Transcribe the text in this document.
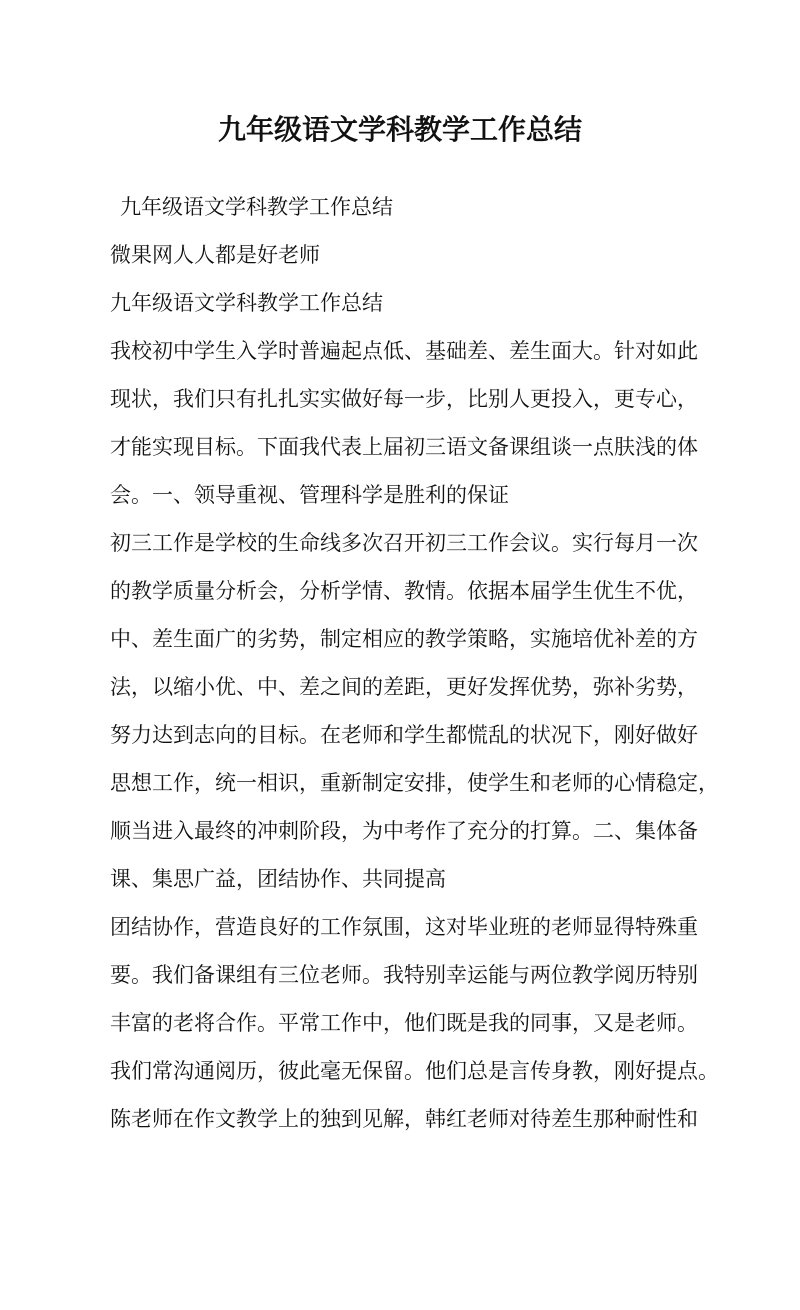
九年级语文学科教学工作总结
九年级语文学科教学工作总结
微果网人人都是好老师
九年级语文学科教学工作总结
我校初中学生入学时普遍起点低、基础差、差生面大。针对如此
现状，我们只有扎扎实实做好每一步，比别人更投入，更专心，
才能实现目标。下面我代表上届初三语文备课组谈一点肤浅的体
会。一、领导重视、管理科学是胜利的保证
初三工作是学校的生命线多次召开初三工作会议。实行每月一次
的教学质量分析会，分析学情、教情。依据本届学生优生不优，
中、差生面广的劣势，制定相应的教学策略，实施培优补差的方
法，以缩小优、中、差之间的差距，更好发挥优势，弥补劣势，
努力达到志向的目标。在老师和学生都慌乱的状况下，刚好做好
思想工作，统一相识，重新制定安排，使学生和老师的心情稳定，
顺当进入最终的冲刺阶段，为中考作了充分的打算。二、集体备
课、集思广益，团结协作、共同提高
团结协作，营造良好的工作氛围，这对毕业班的老师显得特殊重
要。我们备课组有三位老师。我特别幸运能与两位教学阅历特别
丰富的老将合作。平常工作中，他们既是我的同事，又是老师。
我们常沟通阅历，彼此毫无保留。他们总是言传身教，刚好提点。
陈老师在作文教学上的独到见解，韩红老师对待差生那种耐性和
